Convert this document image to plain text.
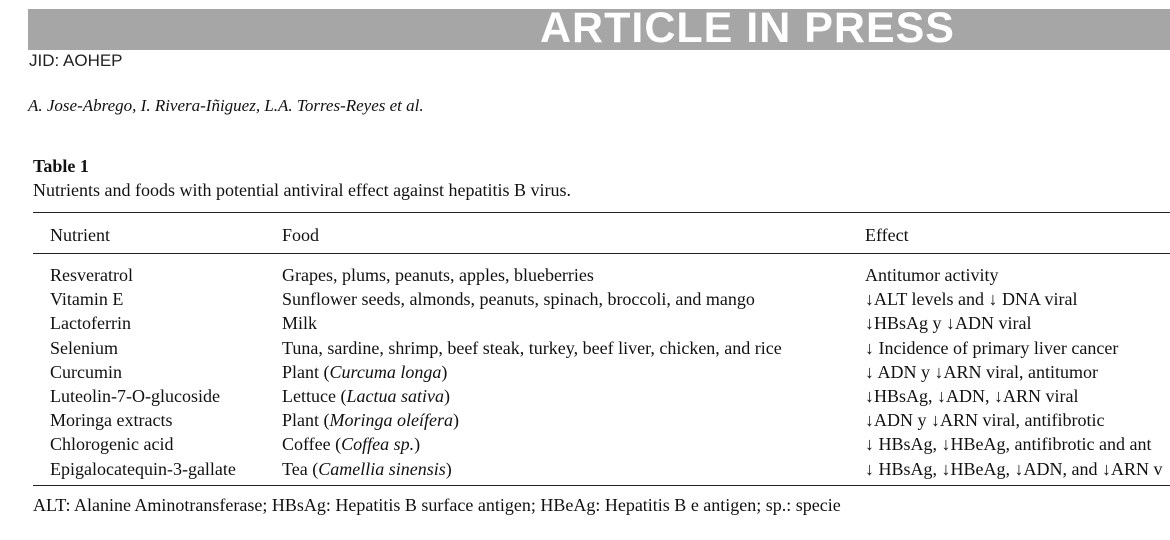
ARTICLE IN PRESS
JID: AOHEP
A. Jose-Abrego, I. Rivera-Iñiguez, L.A. Torres-Reyes et al.
Table 1
Nutrients and foods with potential antiviral effect against hepatitis B virus.
Nutrient	Food	Effect
Resveratrol	Grapes, plums, peanuts, apples, blueberries	Antitumor activity
Vitamin E	Sunflower seeds, almonds, peanuts, spinach, broccoli, and mango	↓ALT levels and ↓ DNA viral
Lactoferrin	Milk	↓HBsAg y ↓ADN viral
Selenium	Tuna, sardine, shrimp, beef steak, turkey, beef liver, chicken, and rice	↓ Incidence of primary liver cancer
Curcumin	Plant (Curcuma longa)	↓ ADN y ↓ARN viral, antitumor
Luteolin-7-O-glucoside	Lettuce (Lactua sativa)	↓HBsAg, ↓ADN, ↓ARN viral
Moringa extracts	Plant (Moringa oleífera)	↓ADN y ↓ARN viral, antifibrotic
Chlorogenic acid	Coffee (Coffea sp.)	↓ HBsAg, ↓HBeAg, antifibrotic and ant
Epigalocatequin-3-gallate	Tea (Camellia sinensis)	↓ HBsAg, ↓HBeAg, ↓ADN, and ↓ARN v
ALT: Alanine Aminotransferase; HBsAg: Hepatitis B surface antigen; HBeAg: Hepatitis B e antigen; sp.: specie
